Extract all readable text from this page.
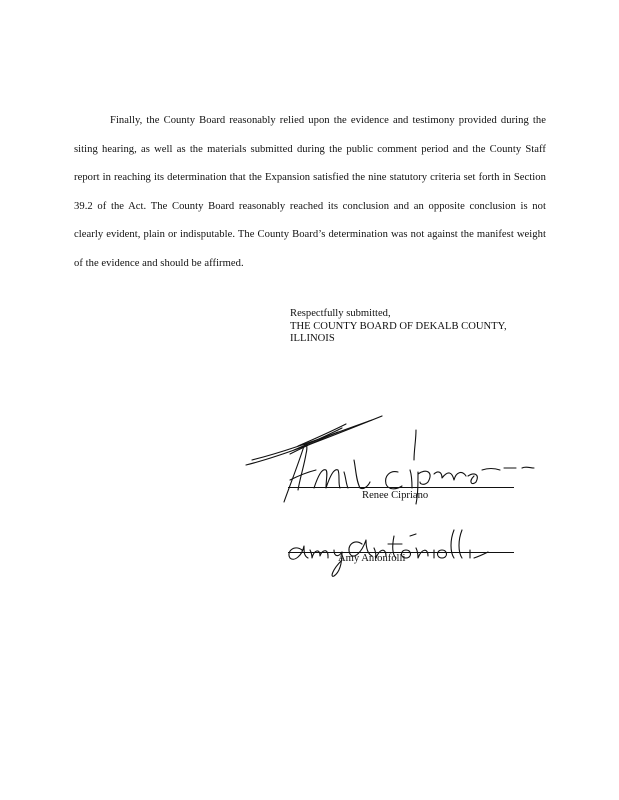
Finally, the County Board reasonably relied upon the evidence and testimony provided during the siting hearing, as well as the materials submitted during the public comment period and the County Staff report in reaching its determination that the Expansion satisfied the nine statutory criteria set forth in Section 39.2 of the Act. The County Board reasonably reached its conclusion and an opposite conclusion is not clearly evident, plain or indisputable. The County Board’s determination was not against the manifest weight of the evidence and should be affirmed.

Respectfully submitted,
THE COUNTY BOARD OF DEKALB COUNTY,
ILLINOIS
Renee Cipriano
Amy Antonfolli
